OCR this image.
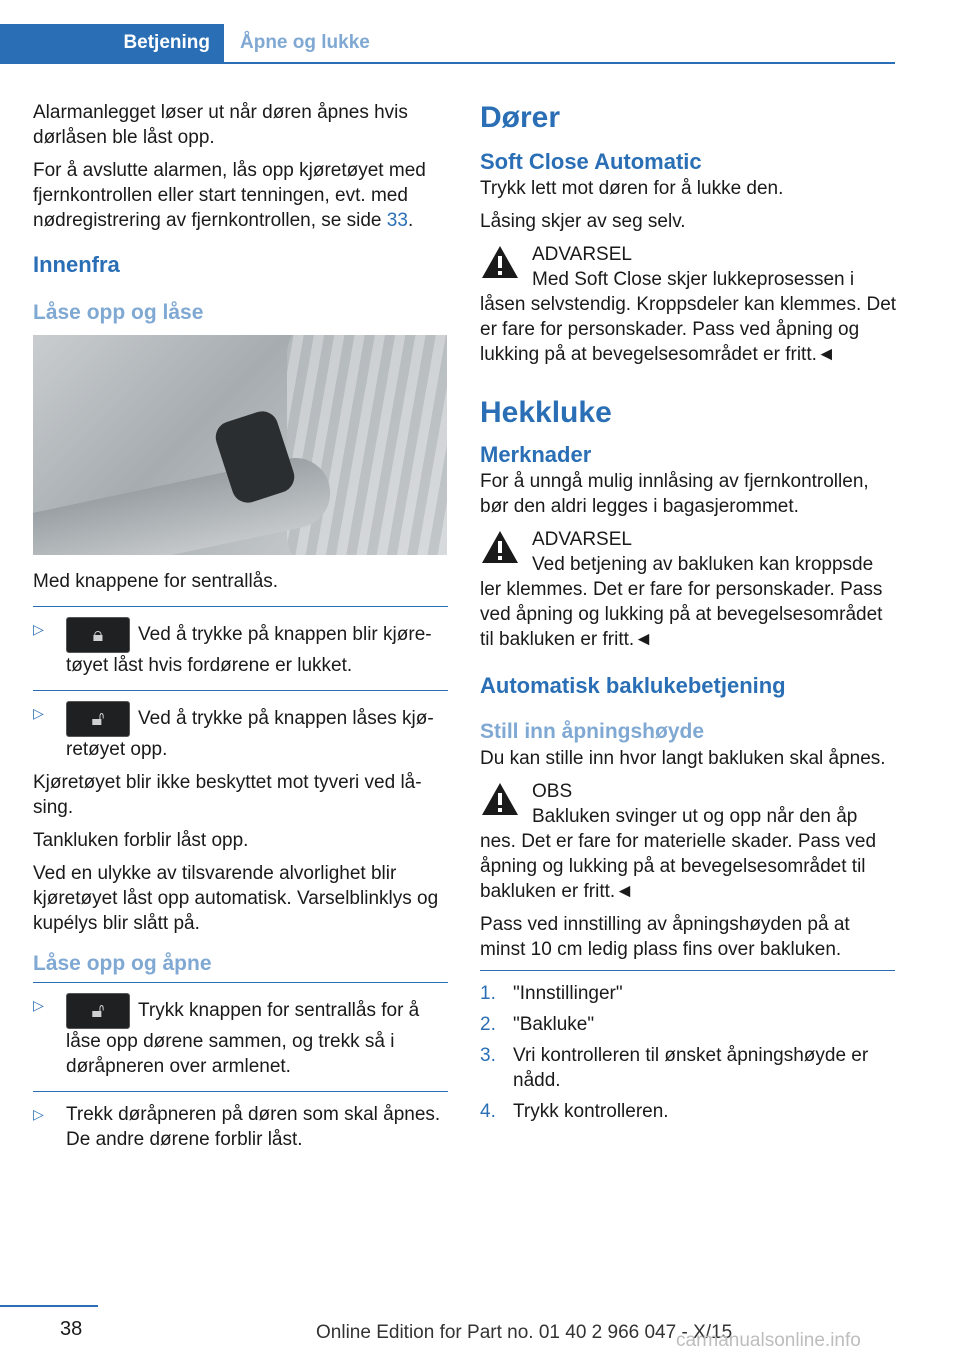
Betjening	Åpne og lukke

Alarmanlegget løser ut når døren åpnes hvis dørlåsen ble låst opp.

For å avslutte alarmen, lås opp kjøretøyet med fjernkontrollen eller start tenningen, evt. med nødregistrering av fjernkontrollen, se side 33.

Innenfra
Låse opp og låse

Med knappene for sentrallås.

▷ 🔒︎ Ved å trykke på knappen blir kjøretøyet låst hvis fordørene er lukket.
▷ 🔓︎ Ved å trykke på knappen låses kjøretøyet opp.

Kjøretøyet blir ikke beskyttet mot tyveri ved låsing.

Tankluken forblir låst opp.

Ved en ulykke av tilsvarende alvorlighet blir kjøretøyet låst opp automatisk. Varselblinklys og kupélys blir slått på.

Låse opp og åpne
▷ 🔓︎ Trykk knappen for sentrallås for å låse opp dørene sammen, og trekk så i døråpneren over armlenet.
▷ Trekk døråpneren på døren som skal åpnes. De andre dørene forblir låst.
Dører
Soft Close Automatic

Trykk lett mot døren for å lukke den.

Låsing skjer av seg selv.

ADVARSEL
Med Soft Close skjer lukkeprosessen i

låsen selvstendig. Kroppsdeler kan klemmes. Det er fare for personskader. Pass ved åpning og lukking på at bevegelsesområdet er fritt.◄

Hekkluke
Merknader

For å unngå mulig innlåsing av fjernkontrollen, bør den aldri legges i bagasjerommet.

ADVARSEL
Ved betjening av bakluken kan kroppsde

ler klemmes. Det er fare for personskader. Pass ved åpning og lukking på at bevegelsesområdet til bakluken er fritt.◄

Automatisk baklukebetjening
Still inn åpningshøyde

Du kan stille inn hvor langt bakluken skal åpnes.

OBS
Bakluken svinger ut og opp når den åp

nes. Det er fare for materielle skader. Pass ved åpning og lukking på at bevegelsesområdet til bakluken er fritt.◄

Pass ved innstilling av åpningshøyden på at minst 10 cm ledig plass fins over bakluken.

1. "Innstillinger"
2. "Bakluke"
3. Vri kontrolleren til ønsket åpningshøyde er nådd.
4. Trykk kontrolleren.
38	Online Edition for Part no. 01 40 2 966 047 - X/15
carmanualsonline.info
